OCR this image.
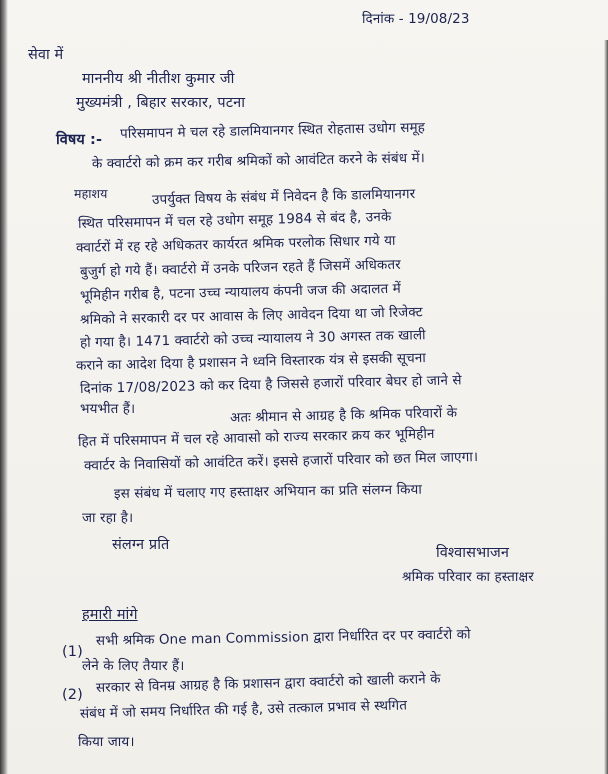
दिनांक - 19/08/23
सेवा में
माननीय श्री नीतीश कुमार जी
मुख्यमंत्री , बिहार सरकार, पटना
विषय :- परिसमापन मे चल रहे डालमियानगर स्थित रोहतास उधोग समूह
के क्वार्टरो को क्रम कर गरीब श्रमिकों को आवंटित करने के संबंध में।
महाशय	उपर्युक्त विषय के संबंध में निवेदन है कि डालमियानगर
स्थित परिसमापन में चल रहे उधोग समूह 1984 से बंद है, उनके
क्वार्टरों में रह रहे अधिकतर कार्यरत श्रमिक परलोक सिधार गये या
बुजुर्ग हो गये हैं। क्वार्टरो में उनके परिजन रहते हैं जिसमें अधिकतर
भूमिहीन गरीब है, पटना उच्च न्यायालय कंपनी जज की अदालत में
श्रमिको ने सरकारी दर पर आवास के लिए आवेदन दिया था जो रिजेक्ट
हो गया है। 1471 क्वार्टरो को उच्च न्यायालय ने 30 अगस्त तक खाली
कराने का आदेश दिया है प्रशासन ने ध्वनि विस्तारक यंत्र से इसकी सूचना
दिनांक 17/08/2023 को कर दिया है जिससे हजारों परिवार बेघर हो जाने से
भयभीत हैं।	अतः श्रीमान से आग्रह है कि श्रमिक परिवारों के
हित में परिसमापन में चल रहे आवासो को राज्य सरकार क्रय कर भूमिहीन
क्वार्टर के निवासियों को आवंटित करें। इससे हजारों परिवार को छत मिल जाएगा।
इस संबंध में चलाए गए हस्ताक्षर अभियान का प्रति संलग्न किया
जा रहा है।
संलग्न प्रति	विश्वासभाजन
श्रमिक परिवार का हस्ताक्षर
हमारी मांगे
(1)
सभी श्रमिक One man Commission द्वारा निर्धारित दर पर क्वार्टरो को
लेने के लिए तैयार हैं।
(2) सरकार से विनम्र आग्रह है कि प्रशासन द्वारा क्वार्टरो को खाली कराने के
संबंध में जो समय निर्धारित की गई है, उसे तत्काल प्रभाव से स्थगित
किया जाय।
